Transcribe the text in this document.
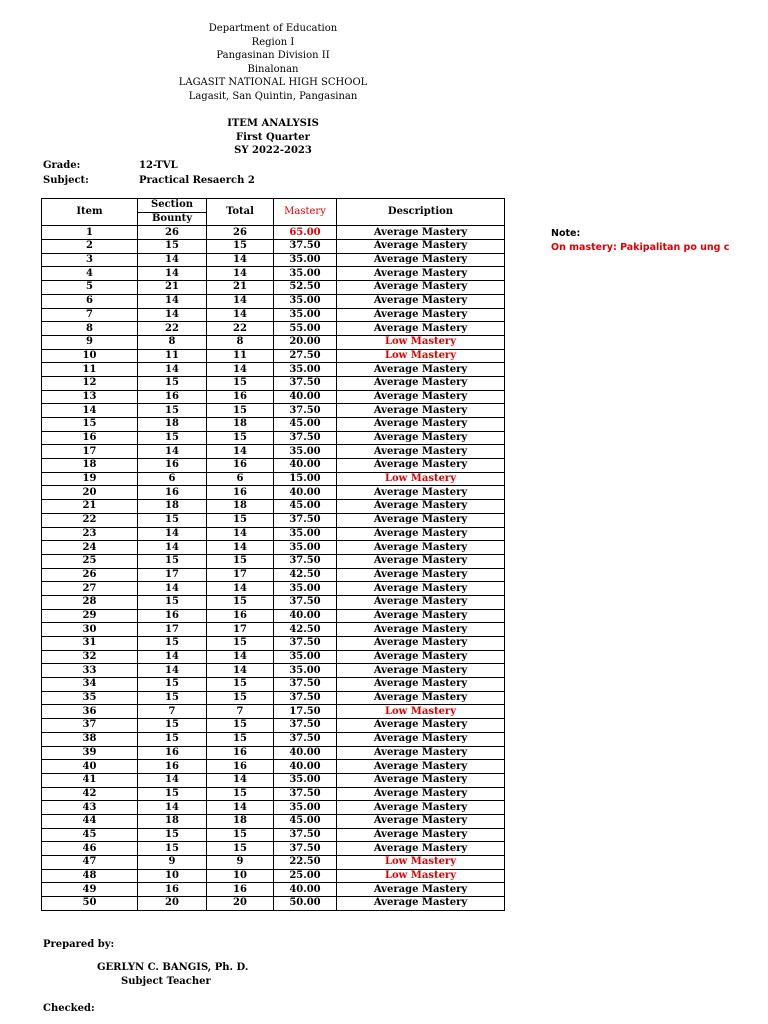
Department of Education
Region I
Pangasinan Division II
Binalonan
LAGASIT NATIONAL HIGH SCHOOL
Lagasit, San Quintin, Pangasinan
ITEM ANALYSIS
First Quarter
SY 2022-2023
Grade:	12-TVL
Subject:	Practical Resaerch 2
Item	Section	Total	Mastery	Description
	Bounty			
1	26	26	65.00	Average Mastery
2	15	15	37.50	Average Mastery
3	14	14	35.00	Average Mastery
4	14	14	35.00	Average Mastery
5	21	21	52.50	Average Mastery
6	14	14	35.00	Average Mastery
7	14	14	35.00	Average Mastery
8	22	22	55.00	Average Mastery
9	8	8	20.00	Low Mastery
10	11	11	27.50	Low Mastery
11	14	14	35.00	Average Mastery
12	15	15	37.50	Average Mastery
13	16	16	40.00	Average Mastery
14	15	15	37.50	Average Mastery
15	18	18	45.00	Average Mastery
16	15	15	37.50	Average Mastery
17	14	14	35.00	Average Mastery
18	16	16	40.00	Average Mastery
19	6	6	15.00	Low Mastery
20	16	16	40.00	Average Mastery
21	18	18	45.00	Average Mastery
22	15	15	37.50	Average Mastery
23	14	14	35.00	Average Mastery
24	14	14	35.00	Average Mastery
25	15	15	37.50	Average Mastery
26	17	17	42.50	Average Mastery
27	14	14	35.00	Average Mastery
28	15	15	37.50	Average Mastery
29	16	16	40.00	Average Mastery
30	17	17	42.50	Average Mastery
31	15	15	37.50	Average Mastery
32	14	14	35.00	Average Mastery
33	14	14	35.00	Average Mastery
34	15	15	37.50	Average Mastery
35	15	15	37.50	Average Mastery
36	7	7	17.50	Low Mastery
37	15	15	37.50	Average Mastery
38	15	15	37.50	Average Mastery
39	16	16	40.00	Average Mastery
40	16	16	40.00	Average Mastery
41	14	14	35.00	Average Mastery
42	15	15	37.50	Average Mastery
43	14	14	35.00	Average Mastery
44	18	18	45.00	Average Mastery
45	15	15	37.50	Average Mastery
46	15	15	37.50	Average Mastery
47	9	9	22.50	Low Mastery
48	10	10	25.00	Low Mastery
49	16	16	40.00	Average Mastery
50	20	20	50.00	Average Mastery
Note:
On mastery: Pakipalitan po ung c
Prepared by:
GERLYN C. BANGIS, Ph. D.
Subject Teacher
Checked:
